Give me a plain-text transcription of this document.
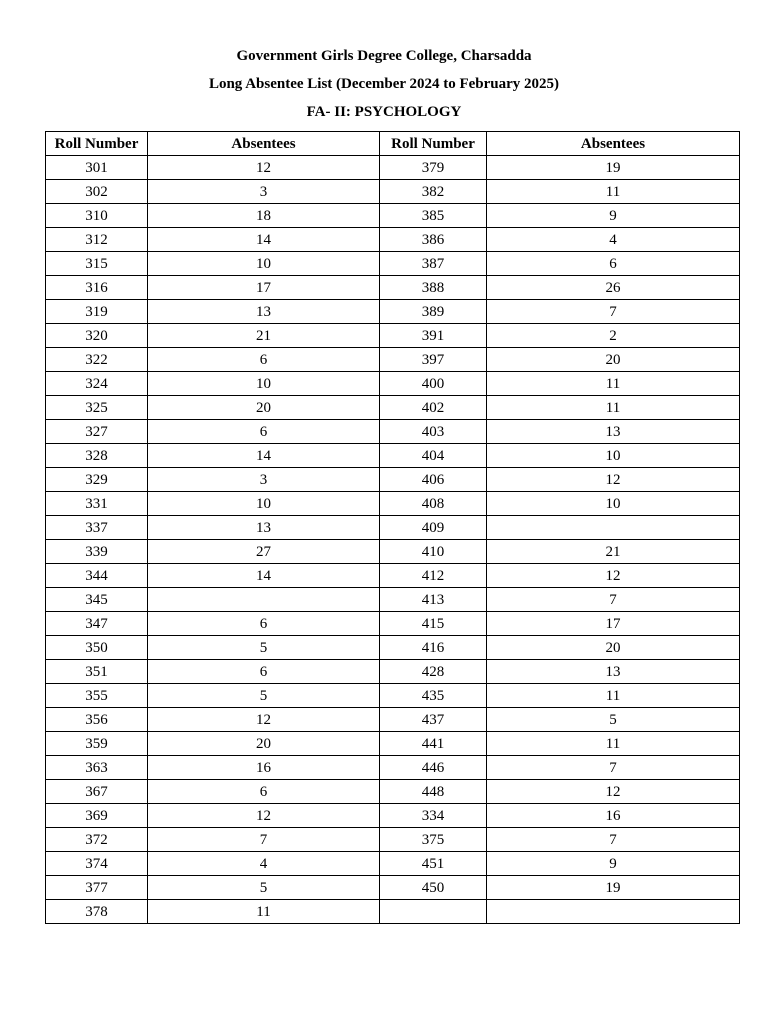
Government Girls Degree College, Charsadda
Long Absentee List (December 2024 to February 2025)
FA- II: PSYCHOLOGY
Roll Number	Absentees	Roll Number	Absentees
301	12	379	19
302	3	382	11
310	18	385	9
312	14	386	4
315	10	387	6
316	17	388	26
319	13	389	7
320	21	391	2
322	6	397	20
324	10	400	11
325	20	402	11
327	6	403	13
328	14	404	10
329	3	406	12
331	10	408	10
337	13	409	
339	27	410	21
344	14	412	12
345		413	7
347	6	415	17
350	5	416	20
351	6	428	13
355	5	435	11
356	12	437	5
359	20	441	11
363	16	446	7
367	6	448	12
369	12	334	16
372	7	375	7
374	4	451	9
377	5	450	19
378	11		
